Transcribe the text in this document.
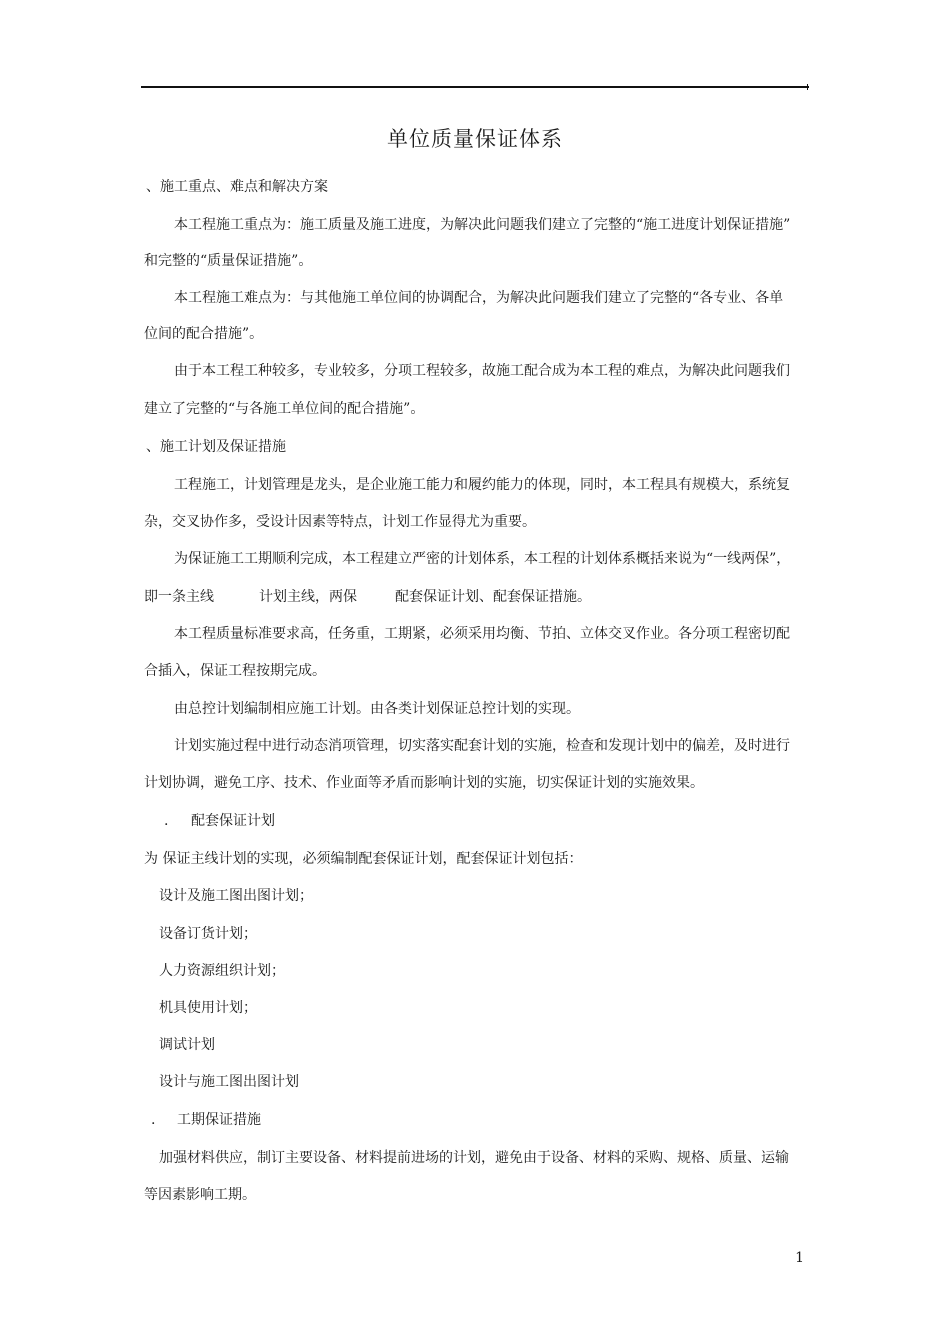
单位质量保证体系
、施工重点、难点和解决方案
本工程施工重点为：施工质量及施工进度，为解决此问题我们建立了完整的“施工进度计划保证措施”
和完整的“质量保证措施”。
本工程施工难点为：与其他施工单位间的协调配合，为解决此问题我们建立了完整的“各专业、各单
位间的配合措施”。
由于本工程工种较多，专业较多，分项工程较多，故施工配合成为本工程的难点，为解决此问题我们
建立了完整的“与各施工单位间的配合措施”。
、施工计划及保证措施
工程施工，计划管理是龙头，是企业施工能力和履约能力的体现，同时，本工程具有规模大，系统复
杂，交叉协作多，受设计因素等特点，计划工作显得尤为重要。
为保证施工工期顺利完成，本工程建立严密的计划体系，本工程的计划体系概括来说为“一线两保”，
即一条主线	计划主线，两保	配套保证计划、配套保证措施。
本工程质量标准要求高，任务重，工期紧，必须采用均衡、节拍、立体交叉作业。各分项工程密切配
合插入，保证工程按期完成。
由总控计划编制相应施工计划。由各类计划保证总控计划的实现。
计划实施过程中进行动态消项管理，切实落实配套计划的实施，检查和发现计划中的偏差，及时进行
计划协调，避免工序、技术、作业面等矛盾而影响计划的实施，切实保证计划的实施效果。
. 配套保证计划
为 保证主线计划的实现，必须编制配套保证计划，配套保证计划包括：
设计及施工图出图计划；
设备订货计划；
人力资源组织计划；
机具使用计划；
调试计划
设计与施工图出图计划
. 工期保证措施
加强材料供应，制订主要设备、材料提前进场的计划，避免由于设备、材料的采购、规格、质量、运输
等因素影响工期。
1
